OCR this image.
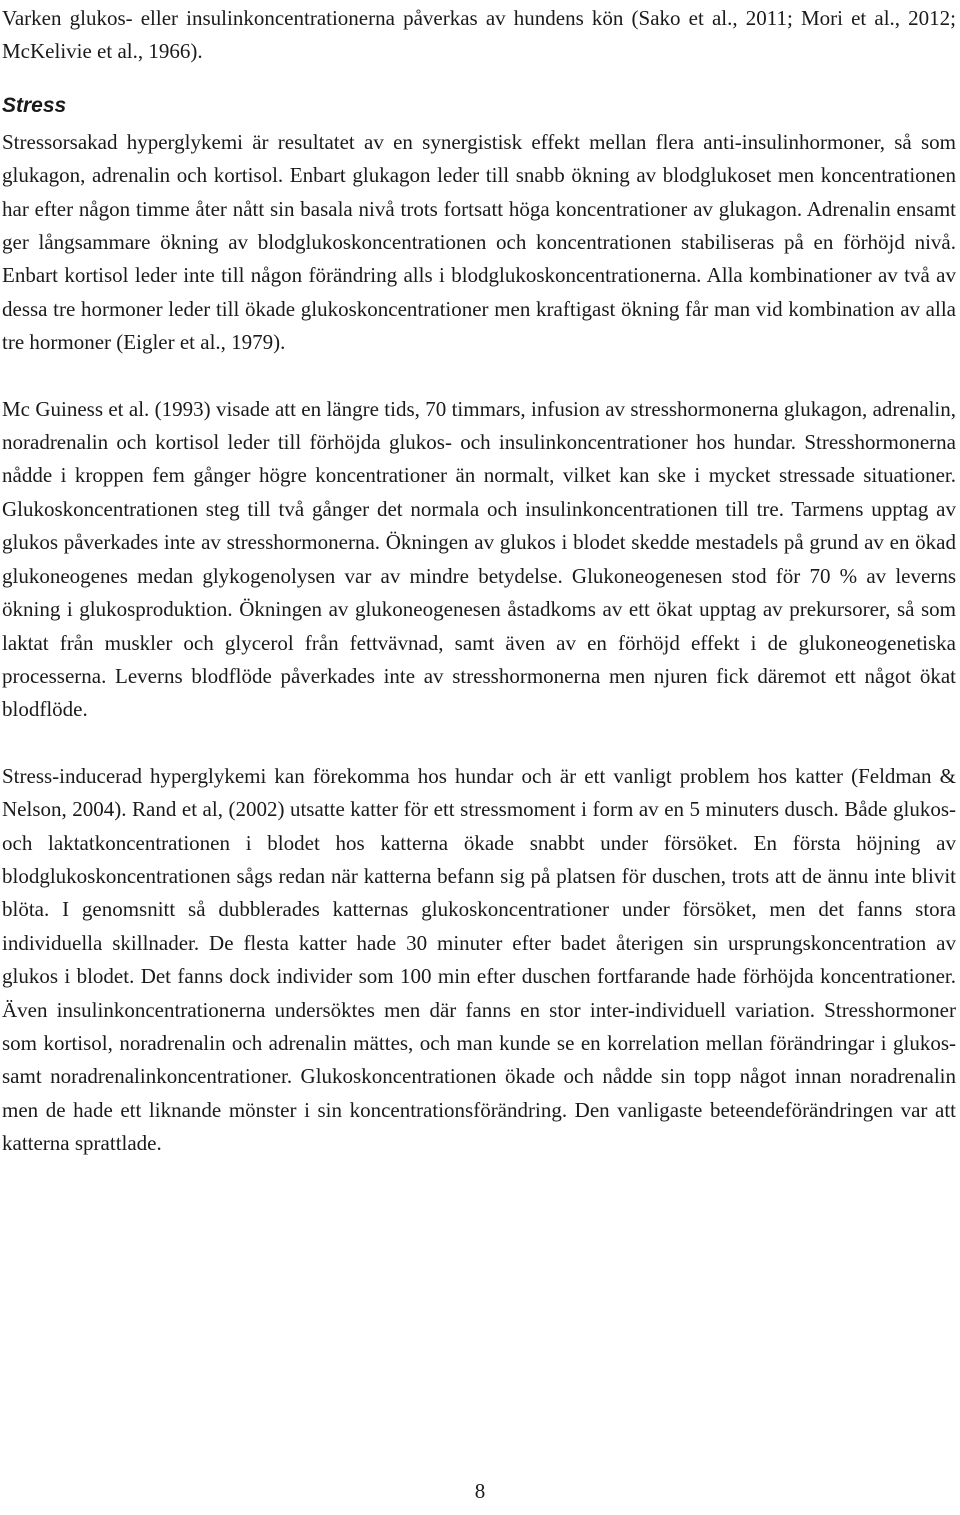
Varken glukos- eller insulinkoncentrationerna påverkas av hundens kön (Sako et al., 2011; Mori et al., 2012; McKelivie et al., 1966).

Stress

Stressorsakad hyperglykemi är resultatet av en synergistisk effekt mellan flera anti-insulinhormoner, så som glukagon, adrenalin och kortisol. Enbart glukagon leder till snabb ökning av blodglukoset men koncentrationen har efter någon timme åter nått sin basala nivå trots fortsatt höga koncentrationer av glukagon. Adrenalin ensamt ger långsammare ökning av blodglukoskoncentrationen och koncentrationen stabiliseras på en förhöjd nivå. Enbart kortisol leder inte till någon förändring alls i blodglukoskoncentrationerna. Alla kombinationer av två av dessa tre hormoner leder till ökade glukoskoncentrationer men kraftigast ökning får man vid kombination av alla tre hormoner (Eigler et al., 1979).

Mc Guiness et al. (1993) visade att en längre tids, 70 timmars, infusion av stresshormonerna glukagon, adrenalin, noradrenalin och kortisol leder till förhöjda glukos- och insulinkoncentrationer hos hundar. Stresshormonerna nådde i kroppen fem gånger högre koncentrationer än normalt, vilket kan ske i mycket stressade situationer. Glukoskoncentrationen steg till två gånger det normala och insulinkoncentrationen till tre. Tarmens upptag av glukos påverkades inte av stresshormonerna. Ökningen av glukos i blodet skedde mestadels på grund av en ökad glukoneogenes medan glykogenolysen var av mindre betydelse. Glukoneogenesen stod för 70 % av leverns ökning i glukosproduktion. Ökningen av glukoneogenesen åstadkoms av ett ökat upptag av prekursorer, så som laktat från muskler och glycerol från fettvävnad, samt även av en förhöjd effekt i de glukoneogenetiska processerna. Leverns blodflöde påverkades inte av stresshormonerna men njuren fick däremot ett något ökat blodflöde.

Stress-inducerad hyperglykemi kan förekomma hos hundar och är ett vanligt problem hos katter (Feldman & Nelson, 2004). Rand et al, (2002) utsatte katter för ett stressmoment i form av en 5 minuters dusch. Både glukos- och laktatkoncentrationen i blodet hos katterna ökade snabbt under försöket. En första höjning av blodglukoskoncentrationen sågs redan när katterna befann sig på platsen för duschen, trots att de ännu inte blivit blöta. I genomsnitt så dubblerades katternas glukoskoncentrationer under försöket, men det fanns stora individuella skillnader. De flesta katter hade 30 minuter efter badet återigen sin ursprungskoncentration av glukos i blodet. Det fanns dock individer som 100 min efter duschen fortfarande hade förhöjda koncentrationer. Även insulinkoncentrationerna undersöktes men där fanns en stor inter-individuell variation. Stresshormoner som kortisol, noradrenalin och adrenalin mättes, och man kunde se en korrelation mellan förändringar i glukos- samt noradrenalinkoncentrationer. Glukoskoncentrationen ökade och nådde sin topp något innan noradrenalin men de hade ett liknande mönster i sin koncentrationsförändring. Den vanligaste beteendeförändringen var att katterna sprattlade.

8
